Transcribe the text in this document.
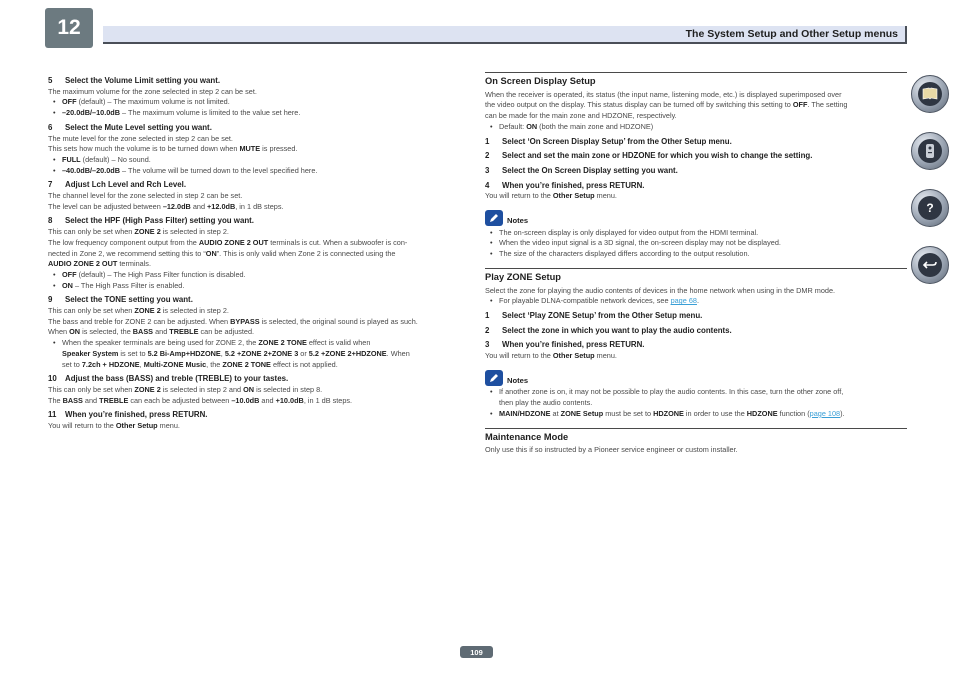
12	The System Setup and Other Setup menus
5 Select the Volume Limit setting you want.
The maximum volume for the zone selected in step 2 can be set.
• OFF (default) – The maximum volume is not limited.
• –20.0dB/–10.0dB – The maximum volume is limited to the value set here.
6 Select the Mute Level setting you want.
The mute level for the zone selected in step 2 can be set.
This sets how much the volume is to be turned down when MUTE is pressed.
• FULL (default) – No sound.
• –40.0dB/–20.0dB – The volume will be turned down to the level specified here.
7 Adjust Lch Level and Rch Level.
The channel level for the zone selected in step 2 can be set.
The level can be adjusted between –12.0dB and +12.0dB, in 1 dB steps.
8 Select the HPF (High Pass Filter) setting you want.
This can only be set when ZONE 2 is selected in step 2.
The low frequency component output from the AUDIO ZONE 2 OUT terminals is cut. When a subwoofer is con-
nected in Zone 2, we recommend setting this to “ON”. This is only valid when Zone 2 is connected using the
AUDIO ZONE 2 OUT terminals.
• OFF (default) – The High Pass Filter function is disabled.
• ON – The High Pass Filter is enabled.
9 Select the TONE setting you want.
This can only be set when ZONE 2 is selected in step 2.
The bass and treble for ZONE 2 can be adjusted. When BYPASS is selected, the original sound is played as such.
When ON is selected, the BASS and TREBLE can be adjusted.
• When the speaker terminals are being used for ZONE 2, the ZONE 2 TONE effect is valid when
Speaker System is set to 5.2 Bi-Amp+HDZONE, 5.2 +ZONE 2+ZONE 3 or 5.2 +ZONE 2+HDZONE. When
set to 7.2ch + HDZONE, Multi-ZONE Music, the ZONE 2 TONE effect is not applied.
10 Adjust the bass (BASS) and treble (TREBLE) to your tastes.
This can only be set when ZONE 2 is selected in step 2 and ON is selected in step 8.
The BASS and TREBLE can each be adjusted between –10.0dB and +10.0dB, in 1 dB steps.
11 When you’re finished, press RETURN.
You will return to the Other Setup menu.
On Screen Display Setup
When the receiver is operated, its status (the input name, listening mode, etc.) is displayed superimposed over
the video output on the display. This status display can be turned off by switching this setting to OFF. The setting
can be made for the main zone and HDZONE, respectively.
• Default: ON (both the main zone and HDZONE)
1 Select ‘On Screen Display Setup’ from the Other Setup menu.
2 Select and set the main zone or HDZONE for which you wish to change the setting.
3 Select the On Screen Display setting you want.
4 When you’re finished, press RETURN.
You will return to the Other Setup menu.
Notes
• The on-screen display is only displayed for video output from the HDMI terminal.
• When the video input signal is a 3D signal, the on-screen display may not be displayed.
• The size of the characters displayed differs according to the output resolution.
Play ZONE Setup
Select the zone for playing the audio contents of devices in the home network when using in the DMR mode.
• For playable DLNA-compatible network devices, see page 68.
1 Select ‘Play ZONE Setup’ from the Other Setup menu.
2 Select the zone in which you want to play the audio contents.
3 When you’re finished, press RETURN.
You will return to the Other Setup menu.
Notes
• If another zone is on, it may not be possible to play the audio contents. In this case, turn the other zone off,
then play the audio contents.
• MAIN/HDZONE at ZONE Setup must be set to HDZONE in order to use the HDZONE function (page 108).
Maintenance Mode
Only use this if so instructed by a Pioneer service engineer or custom installer.
?
109
